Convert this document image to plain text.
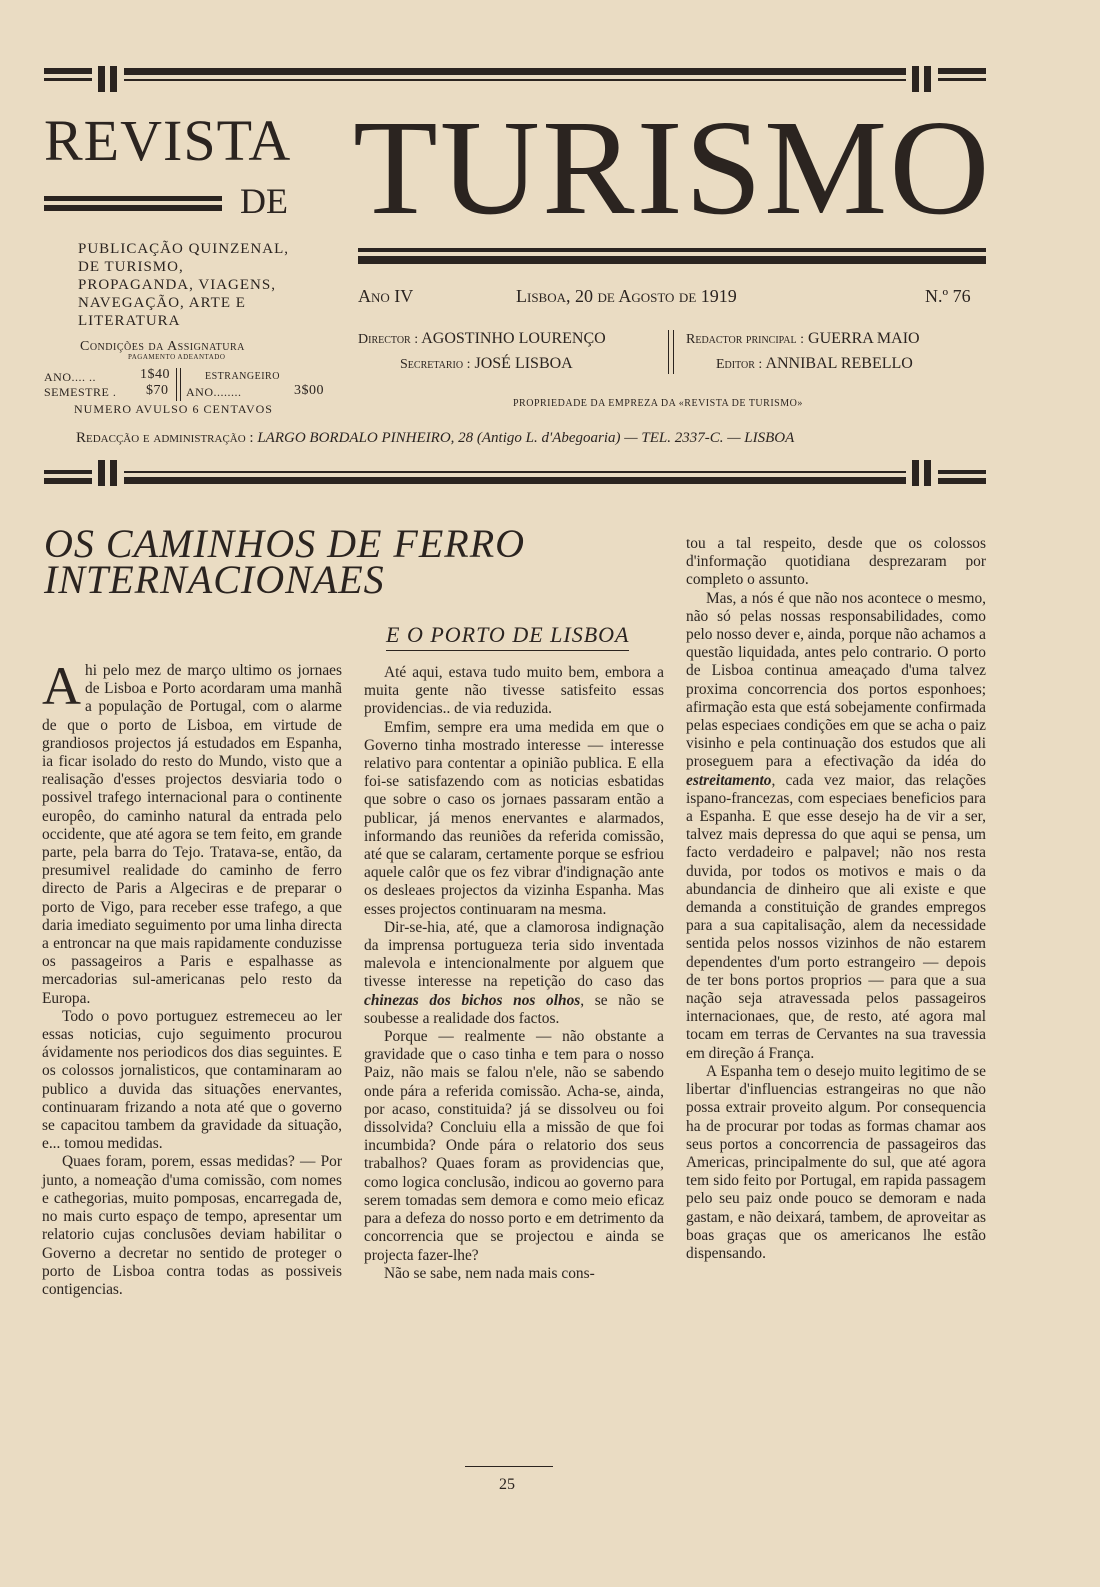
REVISTA
DE TURISMO
PUBLICAÇÃO QUINZENAL, DE TURISMO, PROPAGANDA, VIAGENS, NAVEGAÇÃO, ARTE E LITERATURA
Ano IV	Lisboa, 20 de Agosto de 1919	N.º 76
Condições da Assignatura
PAGAMENTO ADEANTADO
ANO.... ..	1$40
SEMESTRE . $70
ESTRANGEIRO
ANO........	3$00
NUMERO AVULSO 6 CENTAVOS
Director : AGOSTINHO LOURENÇO
Secretario : JOSÉ LISBOA
Redactor principal : GUERRA MAIO
Editor : ANNIBAL REBELLO
PROPRIEDADE DA EMPREZA DA «REVISTA DE TURISMO»
Redacção e administração : LARGO BORDALO PINHEIRO, 28 (Antigo L. d'Abegoaria) — TEL. 2337-C. — LISBOA
OS CAMINHOS DE FERRO
INTERNACIONAES
E O PORTO DE LISBOA

Ahi pelo mez de março ultimo os jornaes de Lisboa e Porto acordaram uma manhã a população de Portugal, com o alarme de que o porto de Lisboa, em virtude de grandiosos projectos já estudados em Espanha, ia ficar isolado do resto do Mundo, visto que a realisação d'esses projectos desviaria todo o possivel trafego internacional para o continente europêo, do caminho natural da entrada pelo occidente, que até agora se tem feito, em grande parte, pela barra do Tejo. Tratava-se, então, da presumivel realidade do caminho de ferro directo de Paris a Algeciras e de preparar o porto de Vigo, para receber esse trafego, a que daria imediato seguimento por uma linha directa a entroncar na que mais rapidamente conduzisse os passageiros a Paris e espalhasse as mercadorias sul-americanas pelo resto da Europa.

Todo o povo portuguez estremeceu ao ler essas noticias, cujo seguimento procurou ávidamente nos periodicos dos dias seguintes. E os colossos jornalisticos, que contaminaram ao publico a duvida das situações enervantes, continuaram frizando a nota até que o governo se capacitou tambem da gravidade da situação, e... tomou medidas.

Quaes foram, porem, essas medidas? — Por junto, a nomeação d'uma comissão, com nomes e cathegorias, muito pomposas, encarregada de, no mais curto espaço de tempo, apresentar um relatorio cujas conclusões deviam habilitar o Governo a decretar no sentido de proteger o porto de Lisboa contra todas as possiveis contigencias.

Até aqui, estava tudo muito bem, embora a muita gente não tivesse satisfeito essas providencias.. de via reduzida.

Emfim, sempre era uma medida em que o Governo tinha mostrado interesse — interesse relativo para contentar a opinião publica. E ella foi-se satisfazendo com as noticias esbatidas que sobre o caso os jornaes passaram então a publicar, já menos enervantes e alarmados, informando das reuniões da referida comissão, até que se calaram, certamente porque se esfriou aquele calôr que os fez vibrar d'indignação ante os desleaes projectos da vizinha Espanha. Mas esses projectos continuaram na mesma.

Dir-se-hia, até, que a clamorosa indignação da imprensa portugueza teria sido inventada malevola e intencionalmente por alguem que tivesse interesse na repetição do caso das chinezas dos bichos nos olhos, se não se soubesse a realidade dos factos.

Porque — realmente — não obstante a gravidade que o caso tinha e tem para o nosso Paiz, não mais se falou n'ele, não se sabendo onde pára a referida comissão. Acha-se, ainda, por acaso, constituida? já se dissolveu ou foi dissolvida? Concluiu ella a missão de que foi incumbida? Onde pára o relatorio dos seus trabalhos? Quaes foram as providencias que, como logica conclusão, indicou ao governo para serem tomadas sem demora e como meio eficaz para a defeza do nosso porto e em detrimento da concorrencia que se projectou e ainda se projecta fazer-lhe?

Não se sabe, nem nada mais cons-

tou a tal respeito, desde que os colossos d'informação quotidiana desprezaram por completo o assunto.

Mas, a nós é que não nos acontece o mesmo, não só pelas nossas responsabilidades, como pelo nosso dever e, ainda, porque não achamos a questão liquidada, antes pelo contrario. O porto de Lisboa continua ameaçado d'uma talvez proxima concorrencia dos portos esponhoes; afirmação esta que está sobejamente confirmada pelas especiaes condições em que se acha o paiz visinho e pela continuação dos estudos que ali proseguem para a efectivação da idéa do estreitamento, cada vez maior, das relações ispano-francezas, com especiaes beneficios para a Espanha. E que esse desejo ha de vir a ser, talvez mais depressa do que aqui se pensa, um facto verdadeiro e palpavel; não nos resta duvida, por todos os motivos e mais o da abundancia de dinheiro que ali existe e que demanda a constituição de grandes empregos para a sua capitalisação, alem da necessidade sentida pelos nossos vizinhos de não estarem dependentes d'um porto estrangeiro — depois de ter bons portos proprios — para que a sua nação seja atravessada pelos passageiros internacionaes, que, de resto, até agora mal tocam em terras de Cervantes na sua travessia em direção á França.

A Espanha tem o desejo muito legitimo de se libertar d'influencias estrangeiras no que não possa extrair proveito algum. Por consequencia ha de procurar por todas as formas chamar aos seus portos a concorrencia de passageiros das Americas, principalmente do sul, que até agora tem sido feito por Portugal, em rapida passagem pelo seu paiz onde pouco se demoram e nada gastam, e não deixará, tambem, de aproveitar as boas graças que os americanos lhe estão dispensando.

25
